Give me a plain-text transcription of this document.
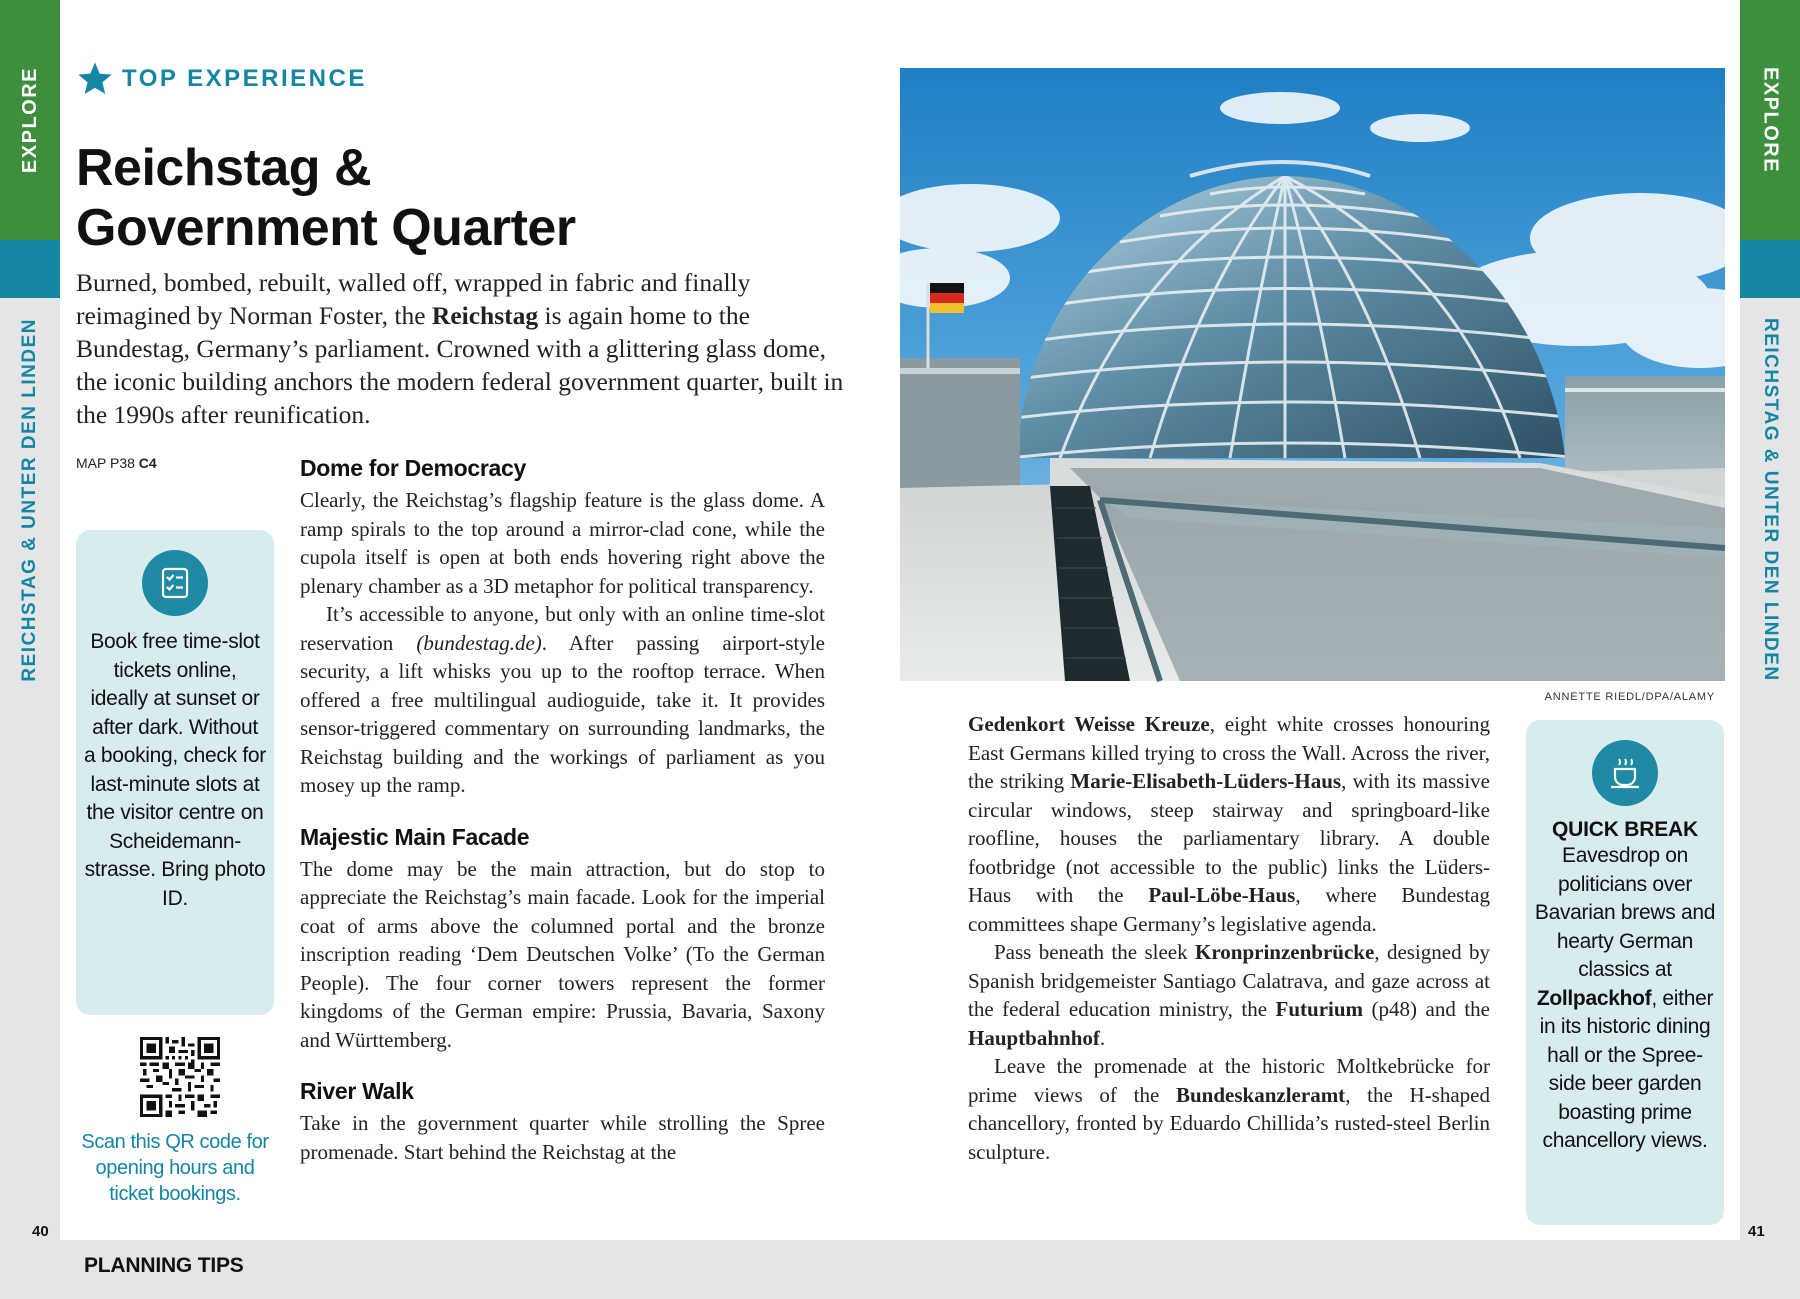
EXPLORE
REICHSTAG & UNTER DEN LINDEN
40
TOP EXPERIENCE
Reichstag &
Government Quarter
Burned, bombed, rebuilt, walled off, wrapped in fabric and finally reimagined by Norman Foster, the Reichstag is again home to the Bundestag, Germany’s parliament. Crowned with a glittering glass dome, the iconic building anchors the modern federal government quarter, built in the 1990s after reunification.
MAP P38 C4
PLANNING TIPS
Book free time-slot tickets online, ideally at sunset or after dark. Without a booking, check for last-minute slots at the visitor centre on Scheidemann-strasse. Bring photo ID.
Scan this QR code for opening hours and ticket bookings.
Dome for Democracy

Clearly, the Reichstag’s flagship feature is the glass dome. A ramp spirals to the top around a mirror-clad cone, while the cupola itself is open at both ends hovering right above the plenary chamber as a 3D metaphor for political transparency.

It’s accessible to anyone, but only with an online time-slot reservation (bundestag.de). After passing airport-style security, a lift whisks you up to the rooftop terrace. When offered a free multilingual audioguide, take it. It provides sensor-triggered commentary on surrounding landmarks, the Reichstag building and the workings of parliament as you mosey up the ramp.

Majestic Main Facade

The dome may be the main attraction, but do stop to appreciate the Reichstag’s main facade. Look for the imperial coat of arms above the columned portal and the bronze inscription reading ‘Dem Deutschen Volke’ (To the German People). The four corner towers represent the former kingdoms of the German empire: Prussia, Bavaria, Saxony and Württemberg.

River Walk

Take in the government quarter while strolling the Spree promenade. Start behind the Reichstag at the

ANNETTE RIEDL/DPA/ALAMY

Gedenkort Weisse Kreuze, eight white crosses honouring East Germans killed trying to cross the Wall. Across the river, the striking Marie-Elisabeth-Lüders-Haus, with its massive circular windows, steep stairway and springboard-like roofline, houses the parliamentary library. A double footbridge (not accessible to the public) links the Lüders-Haus with the Paul-Löbe-Haus, where Bundestag committees shape Germany’s legislative agenda.

Pass beneath the sleek Kronprinzenbrücke, designed by Spanish bridgemeister Santiago Calatrava, and gaze across at the federal education ministry, the Futurium (p48) and the Hauptbahnhof.

Leave the promenade at the historic Moltkebrücke for prime views of the Bundeskanzleramt, the H-shaped chancellory, fronted by Eduardo Chillida’s rusted-steel Berlin sculpture.

QUICK BREAK
Eavesdrop on politicians over Bavarian brews and hearty German classics at Zollpackhof, either in its historic dining hall or the Spree-side beer garden boasting prime chancellory views.
EXPLORE
REICHSTAG & UNTER DEN LINDEN
41
